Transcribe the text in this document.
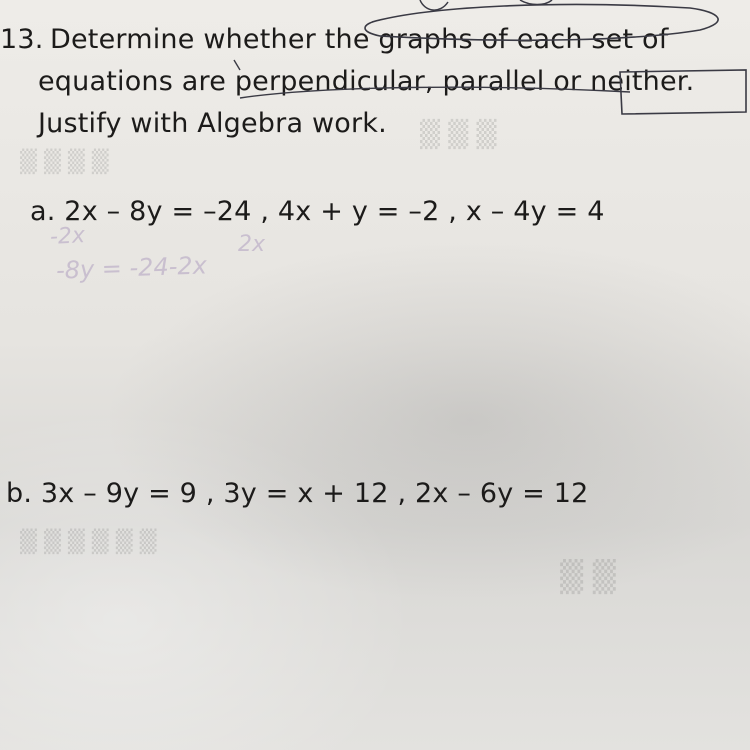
▒ ▒ ▒ ▒
▒ ▒ ▒ ▒ ▒ ▒
▒ ▒ ▒
▒ ▒
13. Determine whether the graphs of each set of
equations are perpendicular, parallel or neither.
Justify with Algebra work.
a. 2x – 8y = –24 , 4x + y = –2 , x – 4y = 4
-2x	2x
-8y = -24-2x
b. 3x – 9y = 9 , 3y = x + 12 , 2x – 6y = 12
